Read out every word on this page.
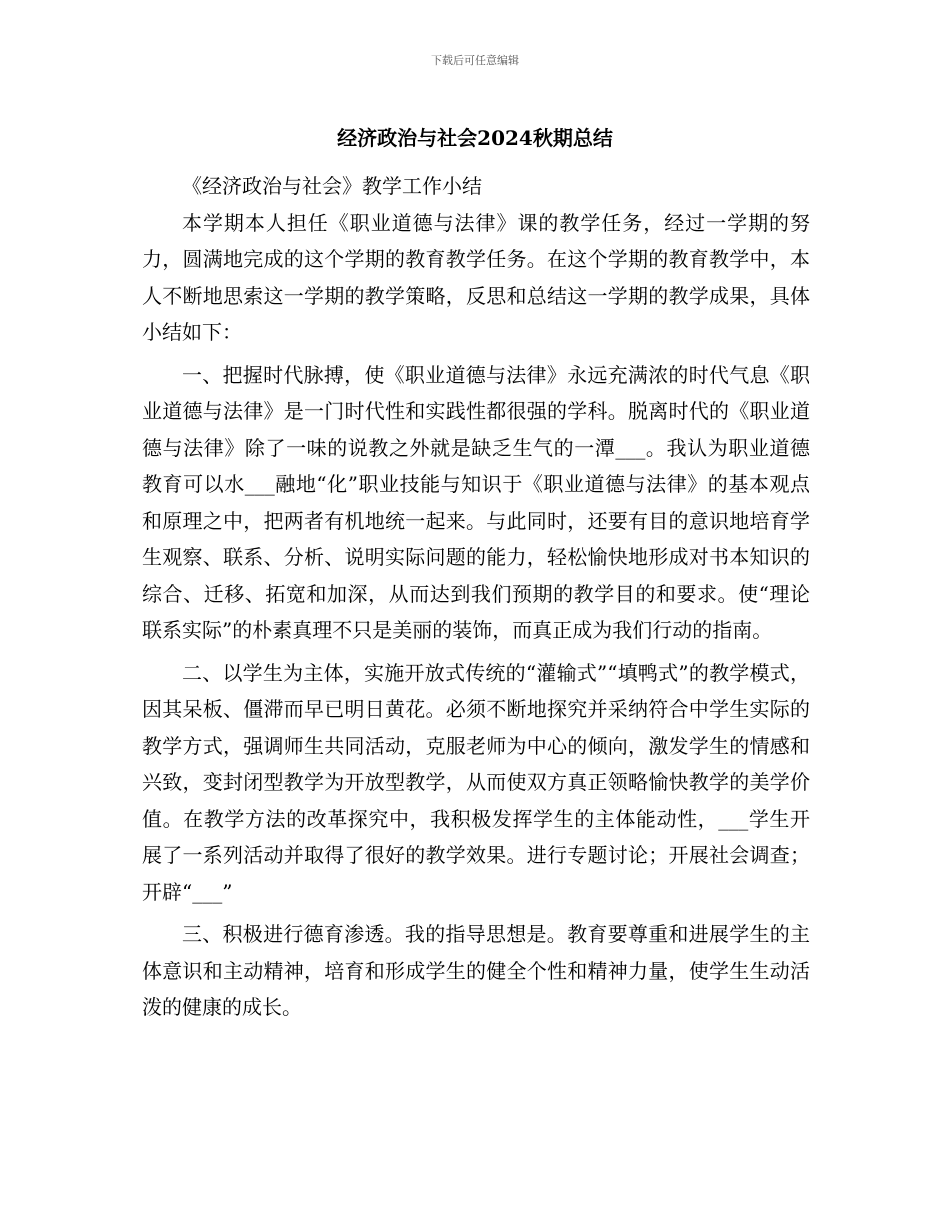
下载后可任意编辑
经济政治与社会2024秋期总结

《经济政治与社会》教学工作小结

本学期本人担任《职业道德与法律》课的教学任务，经过一学期的努力，圆满地完成的这个学期的教育教学任务。在这个学期的教育教学中，本人不断地思索这一学期的教学策略，反思和总结这一学期的教学成果，具体小结如下：

一、把握时代脉搏，使《职业道德与法律》永远充满浓的时代气息《职业道德与法律》是一门时代性和实践性都很强的学科。脱离时代的《职业道德与法律》除了一味的说教之外就是缺乏生气的一潭___。我认为职业道德教育可以水___融地“化”职业技能与知识于《职业道德与法律》的基本观点和原理之中，把两者有机地统一起来。与此同时，还要有目的意识地培育学生观察、联系、分析、说明实际问题的能力，轻松愉快地形成对书本知识的综合、迁移、拓宽和加深，从而达到我们预期的教学目的和要求。使“理论联系实际”的朴素真理不只是美丽的装饰，而真正成为我们行动的指南。

二、以学生为主体，实施开放式传统的“灌输式”“填鸭式”的教学模式，因其呆板、僵滞而早已明日黄花。必须不断地探究并采纳符合中学生实际的教学方式，强调师生共同活动，克服老师为中心的倾向，激发学生的情感和兴致，变封闭型教学为开放型教学，从而使双方真正领略愉快教学的美学价值。在教学方法的改革探究中，我积极发挥学生的主体能动性，___学生开展了一系列活动并取得了很好的教学效果。进行专题讨论；开展社会调查；开辟“___”

三、积极进行德育渗透。我的指导思想是。教育要尊重和进展学生的主体意识和主动精神，培育和形成学生的健全个性和精神力量，使学生生动活泼的健康的成长。
